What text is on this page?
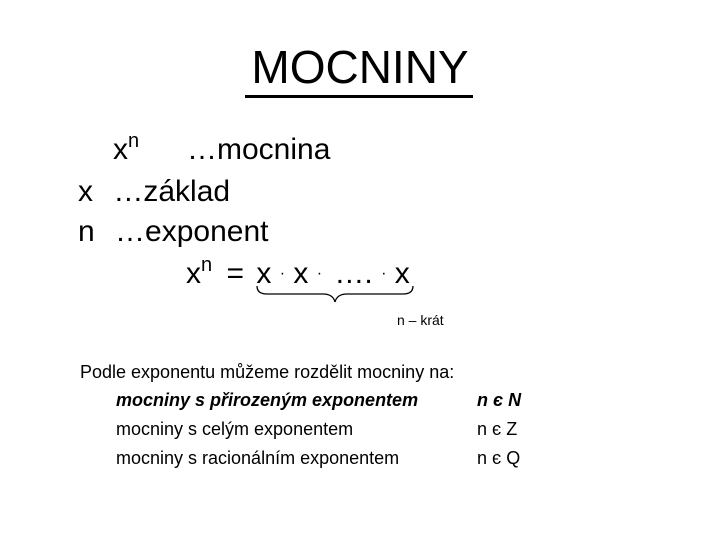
MOCNINY
$x^n$ …mocnina
x …základ
n …exponent
$x^n = x \cdot x$ · …. · x
n – krát
Podle exponentu můžeme rozdělit mocniny na:
mocniny s přirozeným exponentem	n є N
mocniny s celým exponentem	n є Z
mocniny s racionálním exponentem	n є Q
